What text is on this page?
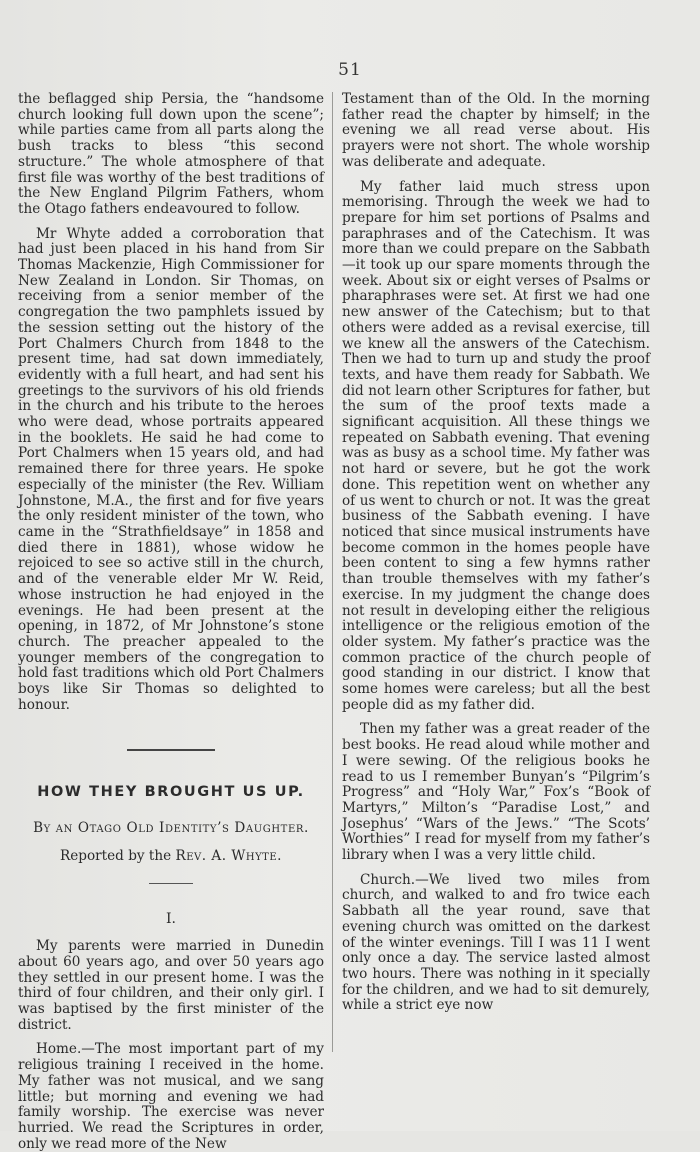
51

the beflagged ship Persia, the “handsome church looking full down upon the scene”; while parties came from all parts along the bush tracks to bless “this second structure.” The whole atmosphere of that first file was worthy of the best traditions of the New England Pilgrim Fathers, whom the Otago fathers endeavoured to follow.

Mr Whyte added a corroboration that had just been placed in his hand from Sir Thomas Mackenzie, High Commissioner for New Zealand in London. Sir Thomas, on receiving from a senior member of the congregation the two pamphlets issued by the session setting out the history of the Port Chalmers Church from 1848 to the present time, had sat down immediately, evidently with a full heart, and had sent his greetings to the survivors of his old friends in the church and his tribute to the heroes who were dead, whose portraits appeared in the booklets. He said he had come to Port Chalmers when 15 years old, and had remained there for three years. He spoke especially of the minister (the Rev. William Johnstone, M.A., the first and for five years the only resident minister of the town, who came in the “Strathfieldsaye” in 1858 and died there in 1881), whose widow he rejoiced to see so active still in the church, and of the venerable elder Mr W. Reid, whose instruction he had enjoyed in the evenings. He had been present at the opening, in 1872, of Mr Johnstone’s stone church. The preacher appealed to the younger members of the congregation to hold fast traditions which old Port Chalmers boys like Sir Thomas so delighted to honour.

HOW THEY BROUGHT US UP.
By an Otago Old Identity’s Daughter.
Reported by the Rev. A. Whyte.
I.

My parents were married in Dunedin about 60 years ago, and over 50 years ago they settled in our present home. I was the third of four children, and their only girl. I was baptised by the first minister of the district.

Home.—The most important part of my religious training I received in the home. My father was not musical, and we sang little; but morning and evening we had family worship. The exercise was never hurried. We read the Scriptures in order, only we read more of the New

Testament than of the Old. In the morning father read the chapter by himself; in the evening we all read verse about. His prayers were not short. The whole worship was deliberate and adequate.

My father laid much stress upon memorising. Through the week we had to prepare for him set portions of Psalms and paraphrases and of the Catechism. It was more than we could prepare on the Sabbath—it took up our spare moments through the week. About six or eight verses of Psalms or pharaphrases were set. At first we had one new answer of the Catechism; but to that others were added as a revisal exercise, till we knew all the answers of the Catechism. Then we had to turn up and study the proof texts, and have them ready for Sabbath. We did not learn other Scriptures for father, but the sum of the proof texts made a significant acquisition. All these things we repeated on Sabbath evening. That evening was as busy as a school time. My father was not hard or severe, but he got the work done. This repetition went on whether any of us went to church or not. It was the great business of the Sabbath evening. I have noticed that since musical instruments have become common in the homes people have been content to sing a few hymns rather than trouble themselves with my father’s exercise. In my judgment the change does not result in developing either the religious intelligence or the religious emotion of the older system. My father’s practice was the common practice of the church people of good standing in our district. I know that some homes were careless; but all the best people did as my father did.

Then my father was a great reader of the best books. He read aloud while mother and I were sewing. Of the religious books he read to us I remember Bunyan’s “Pilgrim’s Progress” and “Holy War,” Fox’s “Book of Martyrs,” Milton’s “Paradise Lost,” and Josephus’ “Wars of the Jews.” “The Scots’ Worthies” I read for myself from my father’s library when I was a very little child.

Church.—We lived two miles from church, and walked to and fro twice each Sabbath all the year round, save that evening church was omitted on the darkest of the winter evenings. Till I was 11 I went only once a day. The service lasted almost two hours. There was nothing in it specially for the children, and we had to sit demurely, while a strict eye now
